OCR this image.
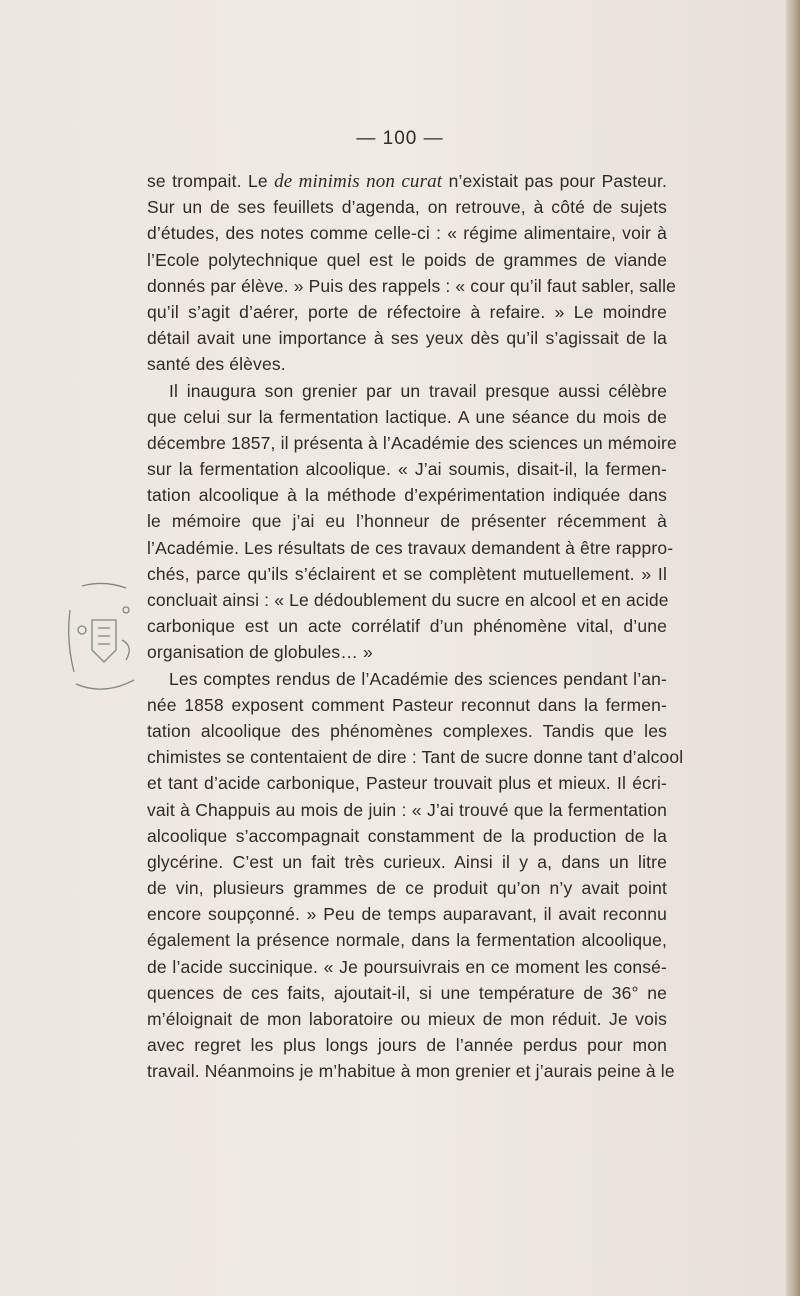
— 100 —
se trompait. Le de minimis non curat n’existait pas pour Pasteur.
Sur un de ses feuillets d’agenda, on retrouve, à côté de sujets
d’études, des notes comme celle-ci : « régime alimentaire, voir à
l’Ecole polytechnique quel est le poids de grammes de viande
donnés par élève. » Puis des rappels : « cour qu’il faut sabler, salle
qu’il s’agit d’aérer, porte de réfectoire à refaire. » Le moindre
détail avait une importance à ses yeux dès qu’il s’agissait de la
santé des élèves.
Il inaugura son grenier par un travail presque aussi célèbre
que celui sur la fermentation lactique. A une séance du mois de
décembre 1857, il présenta à l’Académie des sciences un mémoire
sur la fermentation alcoolique. « J’ai soumis, disait-il, la fermen-
tation alcoolique à la méthode d’expérimentation indiquée dans
le mémoire que j’ai eu l’honneur de présenter récemment à
l’Académie. Les résultats de ces travaux demandent à être rappro-
chés, parce qu’ils s’éclairent et se complètent mutuellement. » Il
concluait ainsi : « Le dédoublement du sucre en alcool et en acide
carbonique est un acte corrélatif d’un phénomène vital, d’une
organisation de globules… »
Les comptes rendus de l’Académie des sciences pendant l’an-
née 1858 exposent comment Pasteur reconnut dans la fermen-
tation alcoolique des phénomènes complexes. Tandis que les
chimistes se contentaient de dire : Tant de sucre donne tant d’alcool
et tant d’acide carbonique, Pasteur trouvait plus et mieux. Il écri-
vait à Chappuis au mois de juin : « J’ai trouvé que la fermentation
alcoolique s’accompagnait constamment de la production de la
glycérine. C’est un fait très curieux. Ainsi il y a, dans un litre
de vin, plusieurs grammes de ce produit qu’on n’y avait point
encore soupçonné. » Peu de temps auparavant, il avait reconnu
également la présence normale, dans la fermentation alcoolique,
de l’acide succinique. « Je poursuivrais en ce moment les consé-
quences de ces faits, ajoutait-il, si une température de 36° ne
m’éloignait de mon laboratoire ou mieux de mon réduit. Je vois
avec regret les plus longs jours de l’année perdus pour mon
travail. Néanmoins je m’habitue à mon grenier et j’aurais peine à le
